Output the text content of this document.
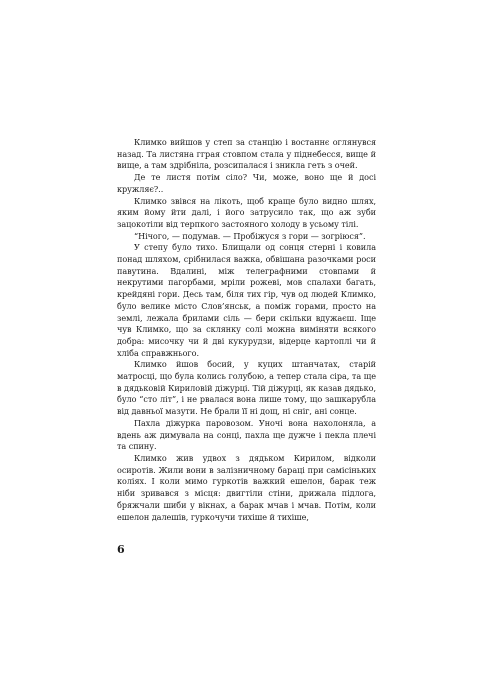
Климко вийшов у степ за станцію і востаннє оглянувся назад. Та листяна гграя стовпом стала у піднебесся, вище й вище, а там здрібніла, розсипалася і зникла геть з очей.

Де те листя потім сіло? Чи, може, воно ще й досі кружляє?..

Климко звівся на лікоть, щоб краще було видно шлях, яким йому йти далі, і його затрусило так, що аж зуби зацокотіли від терпкого застояного холоду в усьому тілі.

“Нічого, — подумав. — Пробіжуся з гори — зогріюся”.

У степу було тихо. Блищали од сонця стерні і ковила понад шляхом, срібнилася важка, обвішана разочками роси павутина. Вдалині, між телеграфними стовпами й некрутими пагорбами, мріли рожеві, мов спалахи багать, крейдяні гори. Десь там, біля тих гір, чув од людей Климко, було велике місто Слов’янськ, а поміж горами, просто на землі, лежала брилами сіль — бери скільки вдужаєш. Іще чув Климко, що за склянку солі можна виміняти всякого добра: мисочку чи й дві кукурудзи, відерце картоплі чи й хліба справжнього.

Климко йшов босий, у куцих штанчатах, старій матросці, що була колись голубою, а тепер стала сіра, та ще в дядьковій Кириловій діжурці. Тій діжурці, як казав дядько, було “сто літ”, і не рвалася вона лише тому, що зашкарубла від давньої мазути. Не брали її ні дощ, ні сніг, ані сонце.

Пахла діжурка паровозом. Уночі вона нахолоняла, а вдень аж димувала на сонці, пахла ще дужче і пекла плечі та спину.

Климко жив удвох з дядьком Кирилом, відколи осиротів. Жили вони в залізничному бараці при самісіньких коліях. І коли мимо гуркотів важкий ешелон, барак теж ніби зривався з місця: двигтіли стіни, дрижала підлога, бряжчали шиби у вікнах, а барак мчав і мчав. Потім, коли ешелон далешів, гуркочучи тихіше й тихіше,

6
